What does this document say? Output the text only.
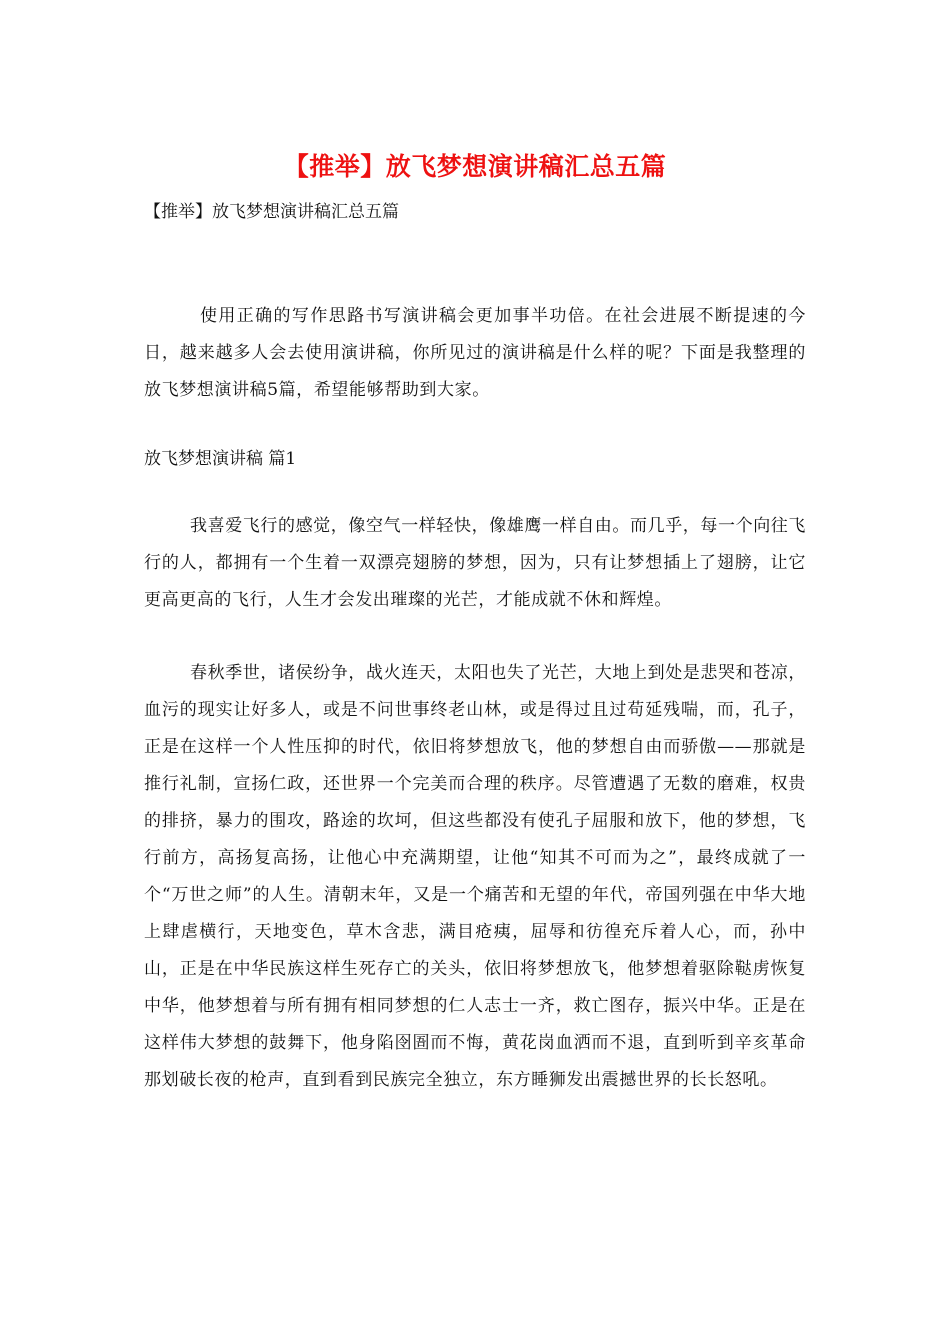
【推举】放飞梦想演讲稿汇总五篇
【推举】放飞梦想演讲稿汇总五篇
使用正确的写作思路书写演讲稿会更加事半功倍。在社会进展不断提速的今日，越来越多人会去使用演讲稿，你所见过的演讲稿是什么样的呢？下面是我整理的放飞梦想演讲稿5篇，希望能够帮助到大家。
放飞梦想演讲稿 篇1
我喜爱飞行的感觉，像空气一样轻快，像雄鹰一样自由。而几乎，每一个向往飞行的人，都拥有一个生着一双漂亮翅膀的梦想，因为，只有让梦想插上了翅膀，让它更高更高的飞行，人生才会发出璀璨的光芒，才能成就不休和辉煌。
春秋季世，诸侯纷争，战火连天，太阳也失了光芒，大地上到处是悲哭和苍凉，血污的现实让好多人，或是不问世事终老山林，或是得过且过苟延残喘，而，孔子，正是在这样一个人性压抑的时代，依旧将梦想放飞，他的梦想自由而骄傲——那就是推行礼制，宣扬仁政，还世界一个完美而合理的秩序。尽管遭遇了无数的磨难，权贵的排挤，暴力的围攻，路途的坎坷，但这些都没有使孔子屈服和放下，他的梦想，飞行前方，高扬复高扬，让他心中充满期望，让他“知其不可而为之”，最终成就了一个“万世之师”的人生。清朝末年，又是一个痛苦和无望的年代，帝国列强在中华大地上肆虐横行，天地变色，草木含悲，满目疮痍，屈辱和彷徨充斥着人心，而，孙中山，正是在中华民族这样生死存亡的关头，依旧将梦想放飞，他梦想着驱除鞑虏恢复中华，他梦想着与所有拥有相同梦想的仁人志士一齐，救亡图存，振兴中华。正是在这样伟大梦想的鼓舞下，他身陷囹圄而不悔，黄花岗血洒而不退，直到听到辛亥革命那划破长夜的枪声，直到看到民族完全独立，东方睡狮发出震撼世界的长长怒吼。
